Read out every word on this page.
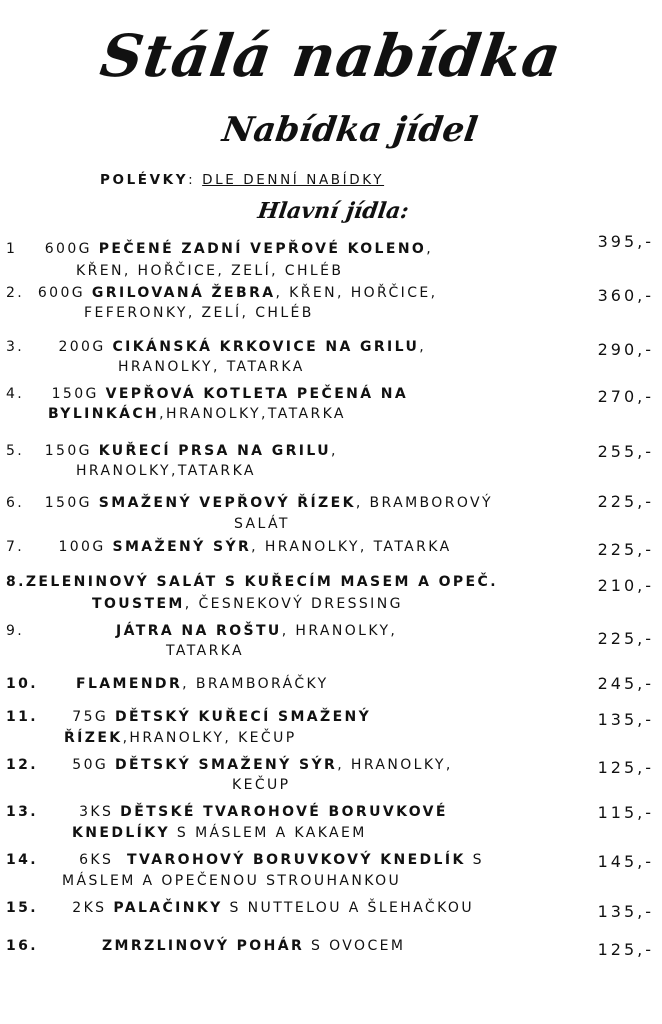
Stálá nabídka
Nabídka jídel
POLÉVKY: DLE DENNÍ NABÍDKY
Hlavní jídla:
1 600G PEČENÉ ZADNÍ VEPŘOVÉ KOLENO,
KŘEN, HOŘČICE, ZELÍ, CHLÉB
395,-
2. 600G GRILOVANÁ ŽEBRA, KŘEN, HOŘČICE,
FEFERONKY, ZELÍ, CHLÉB
360,-
3. 200G CIKÁNSKÁ KRKOVICE NA GRILU,
HRANOLKY, TATARKA
290,-
4. 150G VEPŘOVÁ KOTLETA PEČENÁ NA
BYLINKÁCH,HRANOLKY,TATARKA
270,-
5. 150G KUŘECÍ PRSA NA GRILU,
HRANOLKY,TATARKA
255,-
6. 150G SMAŽENÝ VEPŘOVÝ ŘÍZEK, BRAMBOROVÝ
SALÁT
225,-
7. 100G SMAŽENÝ SÝR, HRANOLKY, TATARKA	225,-
8.ZELENINOVÝ SALÁT S KUŘECÍM MASEM A OPEČ.
TOUSTEM, ČESNEKOVÝ DRESSING
210,-
9.	JÁTRA NA ROŠTU, HRANOLKY,
TATARKA
225,-
10.	FLAMENDR, BRAMBORÁČKY	245,-
11. 75G DĚTSKÝ KUŘECÍ SMAŽENÝ
ŘÍZEK,HRANOLKY, KEČUP
135,-
12. 50G DĚTSKÝ SMAŽENÝ SÝR, HRANOLKY,
KEČUP
125,-
13.	3KS DĚTSKÉ TVAROHOVÉ BORUVKOVÉ
KNEDLÍKY S MÁSLEM A KAKAEM
115,-
14.	6KS TVAROHOVÝ BORUVKOVÝ KNEDLÍK S
MÁSLEM A OPEČENOU STROUHANKOU
145,-
15. 2KS PALAČINKY S NUTTELOU A ŠLEHAČKOU	135,-
16.	ZMRZLINOVÝ POHÁR S OVOCEM	125,-
